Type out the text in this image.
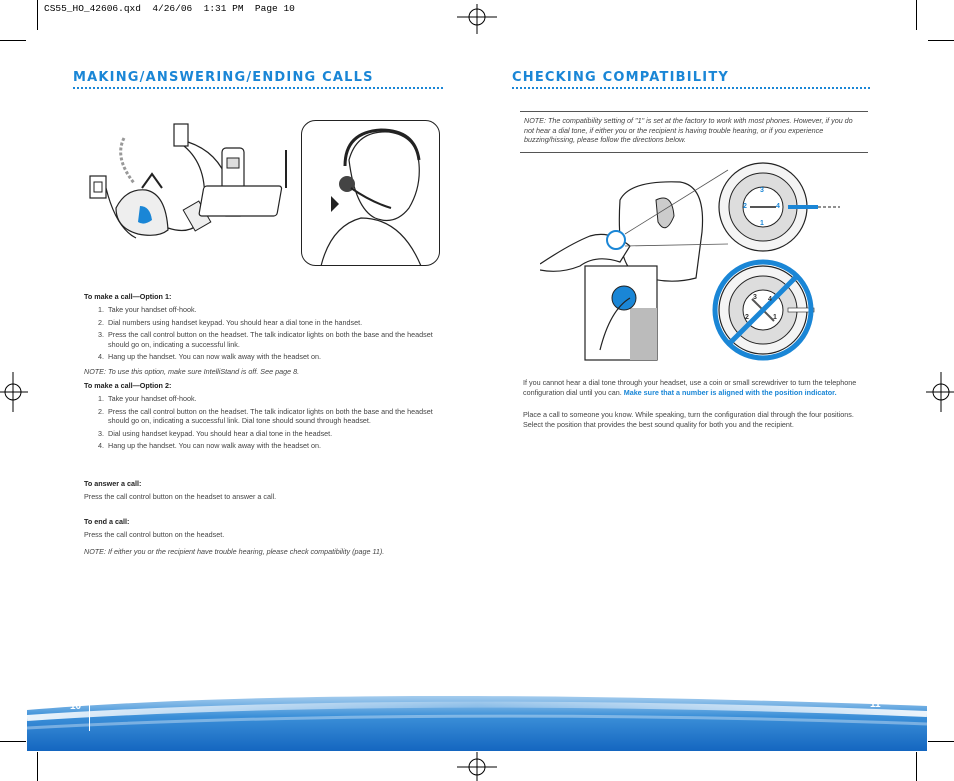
CS55_HO_42606.qxd  4/26/06  1:31 PM  Page 10
MAKING/ANSWERING/ENDING CALLS
To make a call—Option 1:
1. Take your handset off-hook.
2. Dial numbers using handset keypad. You should hear a dial tone in the handset.
3. Press the call control button on the headset. The talk indicator lights on both the base and the headset should go on, indicating a successful link.
4. Hang up the handset. You can now walk away with the headset on.
NOTE: To use this option, make sure IntelliStand is off. See page 8.
To make a call—Option 2:
1. Take your handset off-hook.
2. Press the call control button on the headset. The talk indicator lights on both the base and the headset should go on, indicating a successful link. Dial tone should sound through headset.
3. Dial using handset keypad. You should hear a dial tone in the headset.
4. Hang up the handset. You can now walk away with the headset on.
To answer a call:
Press the call control button on the headset to answer a call.
To end a call:
Press the call control button on the headset.
NOTE: If either you or the recipient have trouble hearing, please check compatibility (page 11).
CHECKING COMPATIBILITY
NOTE: The compatibility setting of "1" is set at the factory to work with most phones. However, if you do not hear a dial tone, if either you or the recipient is having trouble hearing, or if you experience buzzing/hissing, please follow the directions below.
1
2
3
4
1
2
3 4
If you cannot hear a dial tone through your headset, use a coin or small screwdriver to turn the telephone configuration dial until you can. Make sure that a number is aligned with the position indicator.
Place a call to someone you know. While speaking, turn the configuration dial through the four positions. Select the position that provides the best sound quality for both you and the recipient.
10	11
